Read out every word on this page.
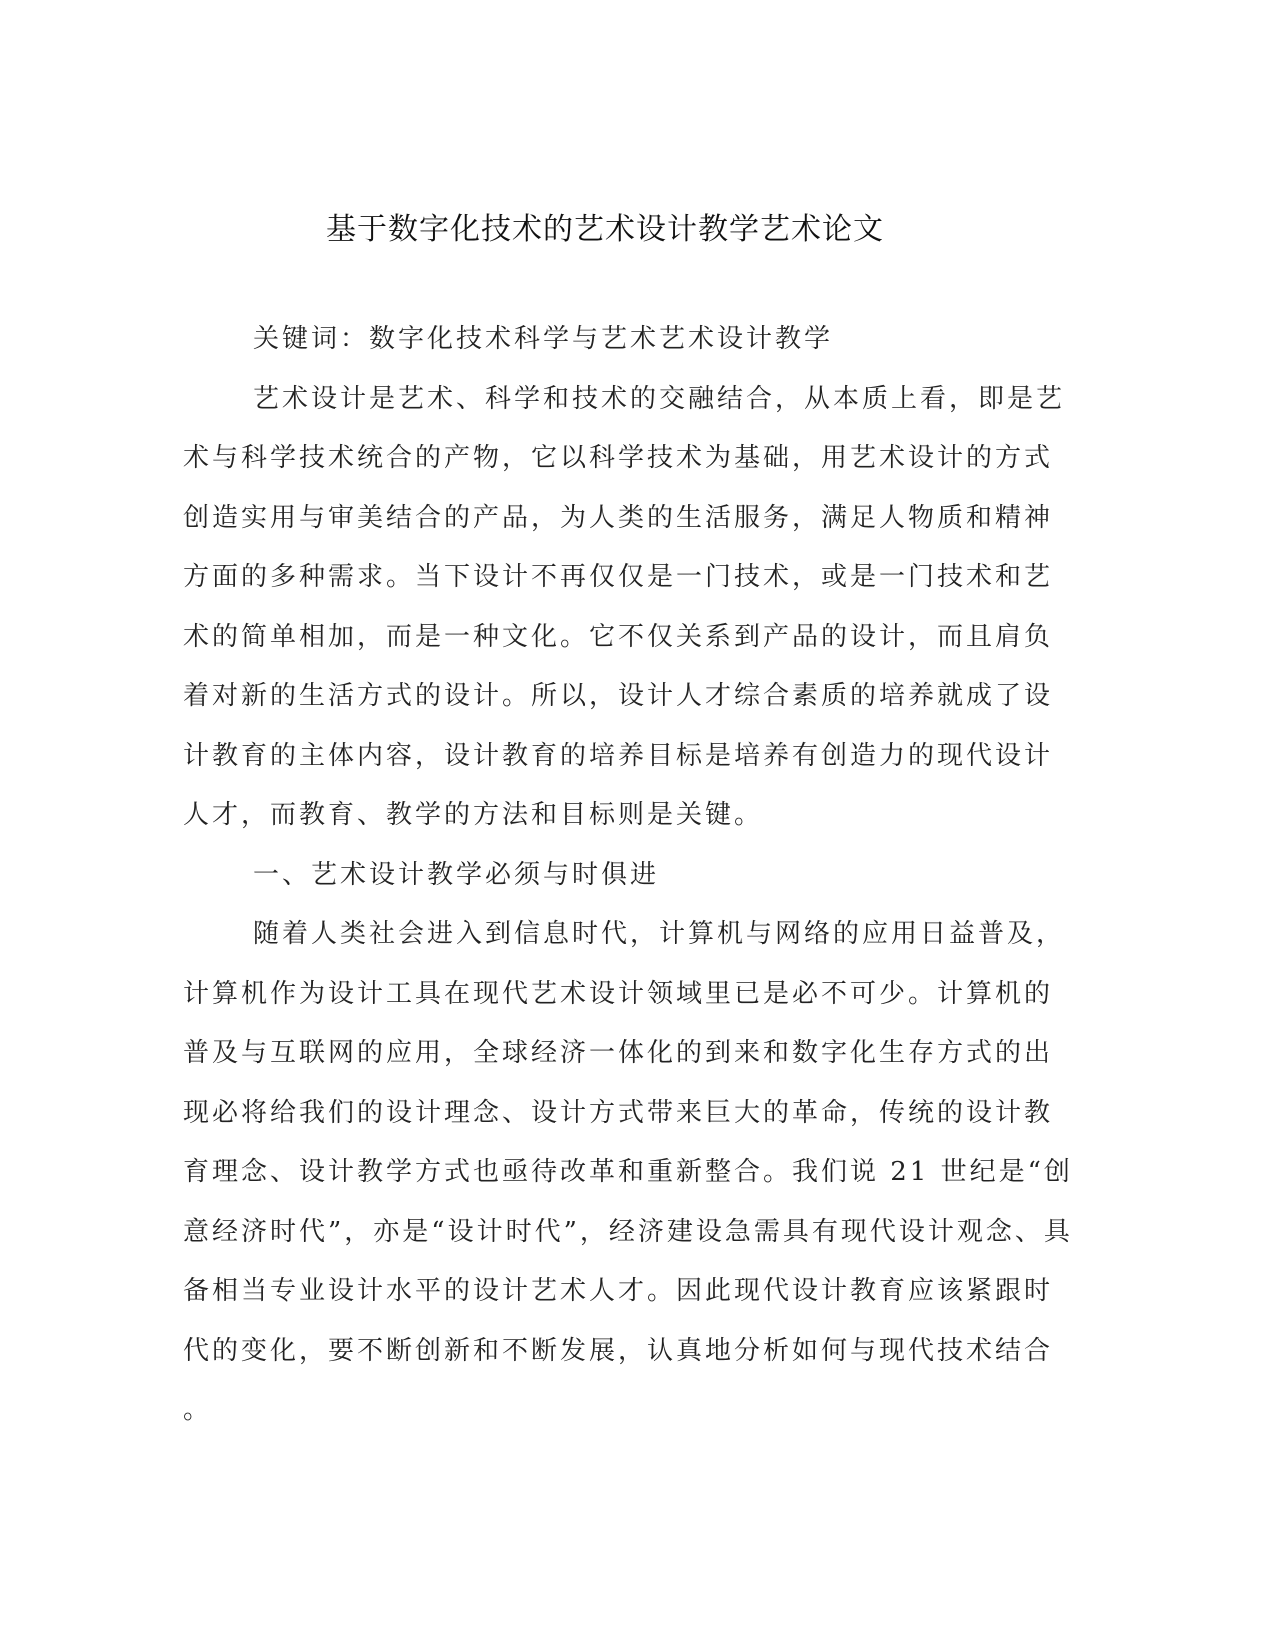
基于数字化技术的艺术设计教学艺术论文

关键词：数字化技术科学与艺术艺术设计教学

艺术设计是艺术、科学和技术的交融结合，从本质上看，即是艺
术与科学技术统合的产物，它以科学技术为基础，用艺术设计的方式
创造实用与审美结合的产品，为人类的生活服务，满足人物质和精神
方面的多种需求。当下设计不再仅仅是一门技术，或是一门技术和艺
术的简单相加，而是一种文化。它不仅关系到产品的设计，而且肩负
着对新的生活方式的设计。所以，设计人才综合素质的培养就成了设
计教育的主体内容，设计教育的培养目标是培养有创造力的现代设计
人才，而教育、教学的方法和目标则是关键。

一、艺术设计教学必须与时俱进

随着人类社会进入到信息时代，计算机与网络的应用日益普及，
计算机作为设计工具在现代艺术设计领域里已是必不可少。计算机的
普及与互联网的应用，全球经济一体化的到来和数字化生存方式的出
现必将给我们的设计理念、设计方式带来巨大的革命，传统的设计教
育理念、设计教学方式也亟待改革和重新整合。我们说 21 世纪是“创
意经济时代”，亦是“设计时代”，经济建设急需具有现代设计观念、具
备相当专业设计水平的设计艺术人才。因此现代设计教育应该紧跟时
代的变化，要不断创新和不断发展，认真地分析如何与现代技术结合
。
